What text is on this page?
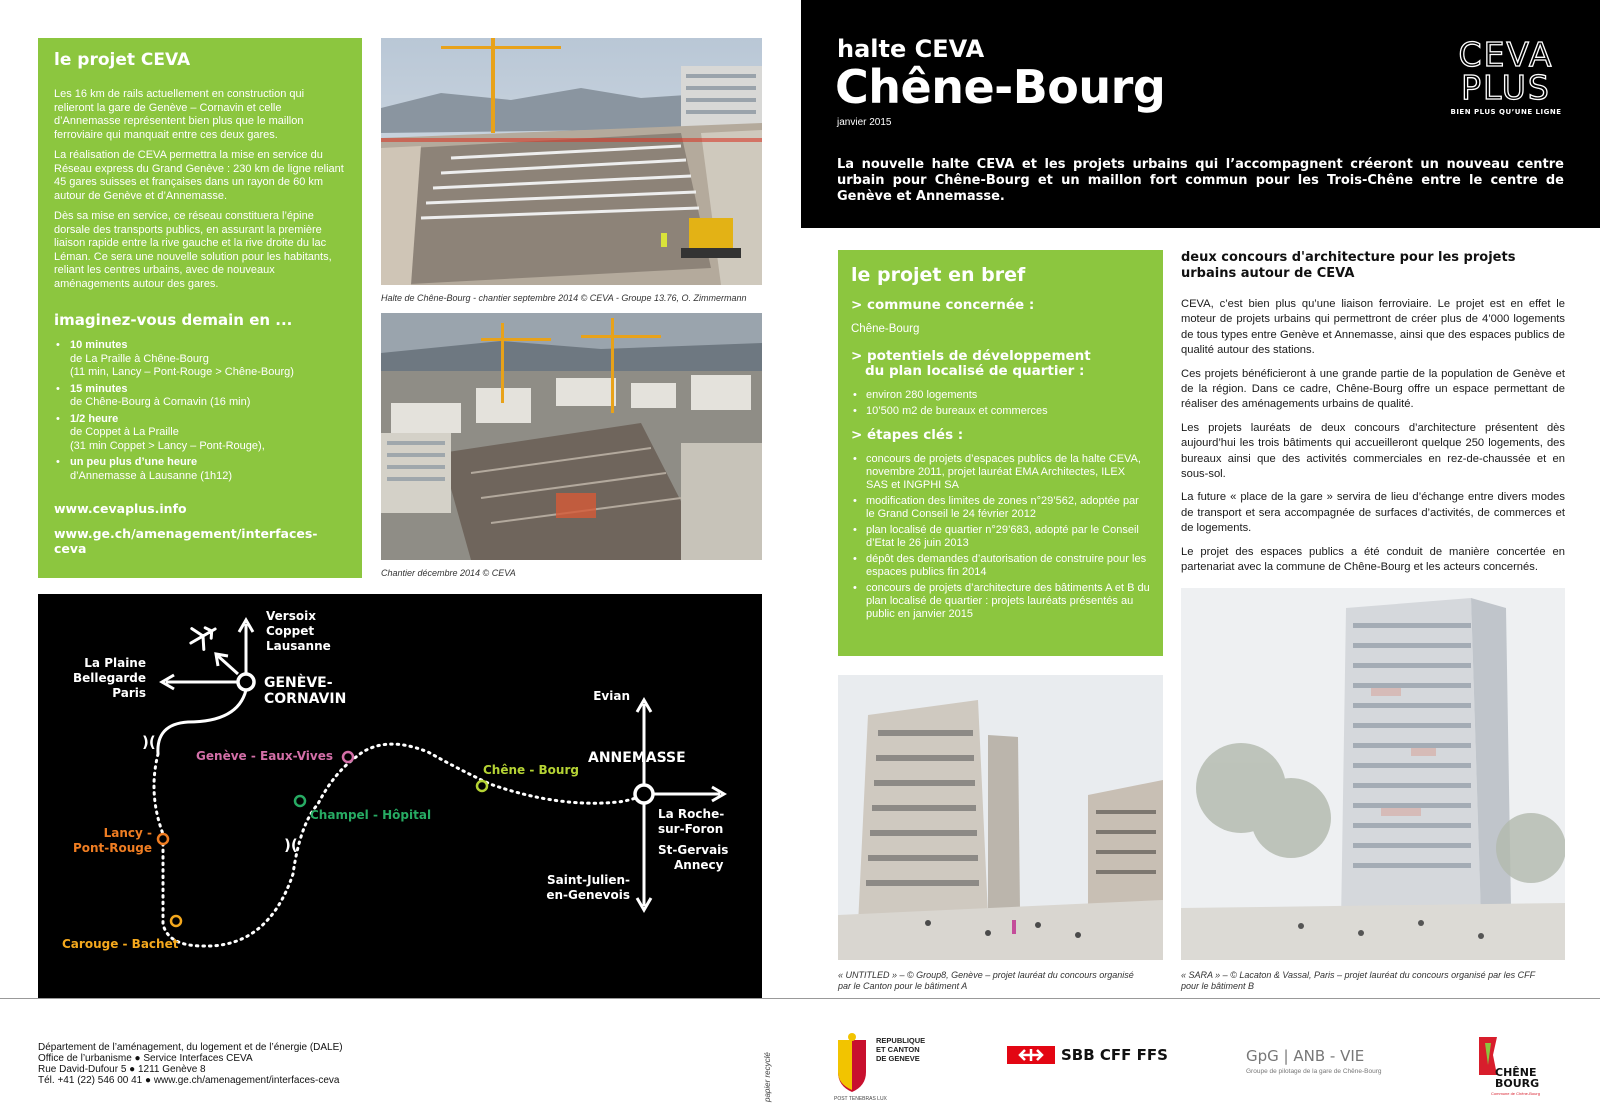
le projet CEVA

Les 16 km de rails actuellement en construction qui relieront la gare de Genève – Cornavin et celle d’Annemasse représentent bien plus que le maillon ferroviaire qui manquait entre ces deux gares.

La réalisation de CEVA permettra la mise en service du Réseau express du Grand Genève : 230 km de ligne reliant 45 gares suisses et françaises dans un rayon de 60 km autour de Genève et d’Annemasse.

Dès sa mise en service, ce réseau constituera l’épine dorsale des transports publics, en assurant la première liaison rapide entre la rive gauche et la rive droite du lac Léman. Ce sera une nouvelle solution pour les habitants, reliant les centres urbains, avec de nouveaux aménagements autour des gares.

imaginez-vous demain en ...
• 10 minutes
de La Praille à Chêne-Bourg
(11 min, Lancy – Pont-Rouge > Chêne-Bourg)
• 15 minutes
de Chêne-Bourg à Cornavin (16 min)
• 1/2 heure
de Coppet à La Praille
(31 min Coppet > Lancy – Pont-Rouge),
• un peu plus d’une heure
d’Annemasse à Lausanne (1h12)
www.cevaplus.info
www.ge.ch/amenagement/interfaces-ceva
Halte de Chêne-Bourg - chantier septembre 2014 © CEVA - Groupe 13.76, O. Zimmermann
Chantier décembre 2014 © CEVA
Versoix
Coppet
Lausanne
La Plaine
Bellegarde
Paris
GENÈVE-
CORNAVIN
)(
)(
Genève - Eaux-Vives
Chêne - Bourg
Champel - Hôpital
Lancy -
Pont-Rouge
Carouge - Bachet
Evian
ANNEMASSE
La Roche-
sur-Foron
St-Gervais
Annecy
Saint-Julien-
en-Genevois
halte CEVA
Chêne-Bourg
janvier 2015
La nouvelle halte CEVA et les projets urbains qui l’accompagnent créeront un nouveau centre urbain pour Chêne-Bourg et un maillon fort commun pour les Trois-Chêne entre le centre de Genève et Annemasse.
CEVA
PLUS
BIEN PLUS QU’UNE LIGNE
le projet en bref
> commune concernée :
Chêne-Bourg
> potentiels de développement
du plan localisé de quartier :
• environ 280 logements
• 10’500 m2 de bureaux et commerces
> étapes clés :
• concours de projets d’espaces publics de la halte CEVA, novembre 2011, projet lauréat EMA Architectes, ILEX SAS et INGPHI SA
• modification des limites de zones n°29’562, adoptée par le Grand Conseil le 24 février 2012
• plan localisé de quartier n°29’683, adopté par le Conseil d’Etat le 26 juin 2013
• dépôt des demandes d’autorisation de construire pour les espaces publics fin 2014
• concours de projets d’architecture des bâtiments A et B du plan localisé de quartier : projets lauréats présentés au public en janvier 2015
deux concours d'architecture pour les projets urbains autour de CEVA

CEVA, c’est bien plus qu’une liaison ferroviaire. Le projet est en effet le moteur de projets urbains qui permettront de créer plus de 4’000 logements de tous types entre Genève et Annemasse, ainsi que des espaces publics de qualité autour des stations.

Ces projets bénéficieront à une grande partie de la population de Genève et de la région. Dans ce cadre, Chêne-Bourg offre un espace permettant de réaliser des aménagements urbains de qualité.

Les projets lauréats de deux concours d’architecture présentent dès aujourd’hui les trois bâtiments qui accueilleront quelque 250 logements, des bureaux ainsi que des activités commerciales en rez-de-chaussée et en sous-sol.

La future « place de la gare » servira de lieu d’échange entre divers modes de transport et sera accompagnée de surfaces d’activités, de commerces et de logements.

Le projet des espaces publics a été conduit de manière concertée en partenariat avec la commune de Chêne-Bourg et les acteurs concernés.

« UNTITLED » – © Group8, Genève – projet lauréat du concours organisé
par le Canton pour le bâtiment A
« SARA » – © Lacaton & Vassal, Paris – projet lauréat du concours organisé par les CFF
pour le bâtiment B
Département de l’aménagement, du logement et de l’énergie (DALE)
Office de l’urbanisme ● Service Interfaces CEVA
Rue David-Dufour 5 ● 1211 Genève 8
Tél. +41 (22) 546 00 41 ● www.ge.ch/amenagement/interfaces-ceva	papier recyclé
REPUBLIQUE
ET CANTON
DE GENEVE
POST TENEBRAS LUX
SBB CFF FFS	GpG | ANB - VIE
Groupe de pilotage de la gare de Chêne-Bourg	CHÊNE
BOURG
Commune de Chêne-Bourg
